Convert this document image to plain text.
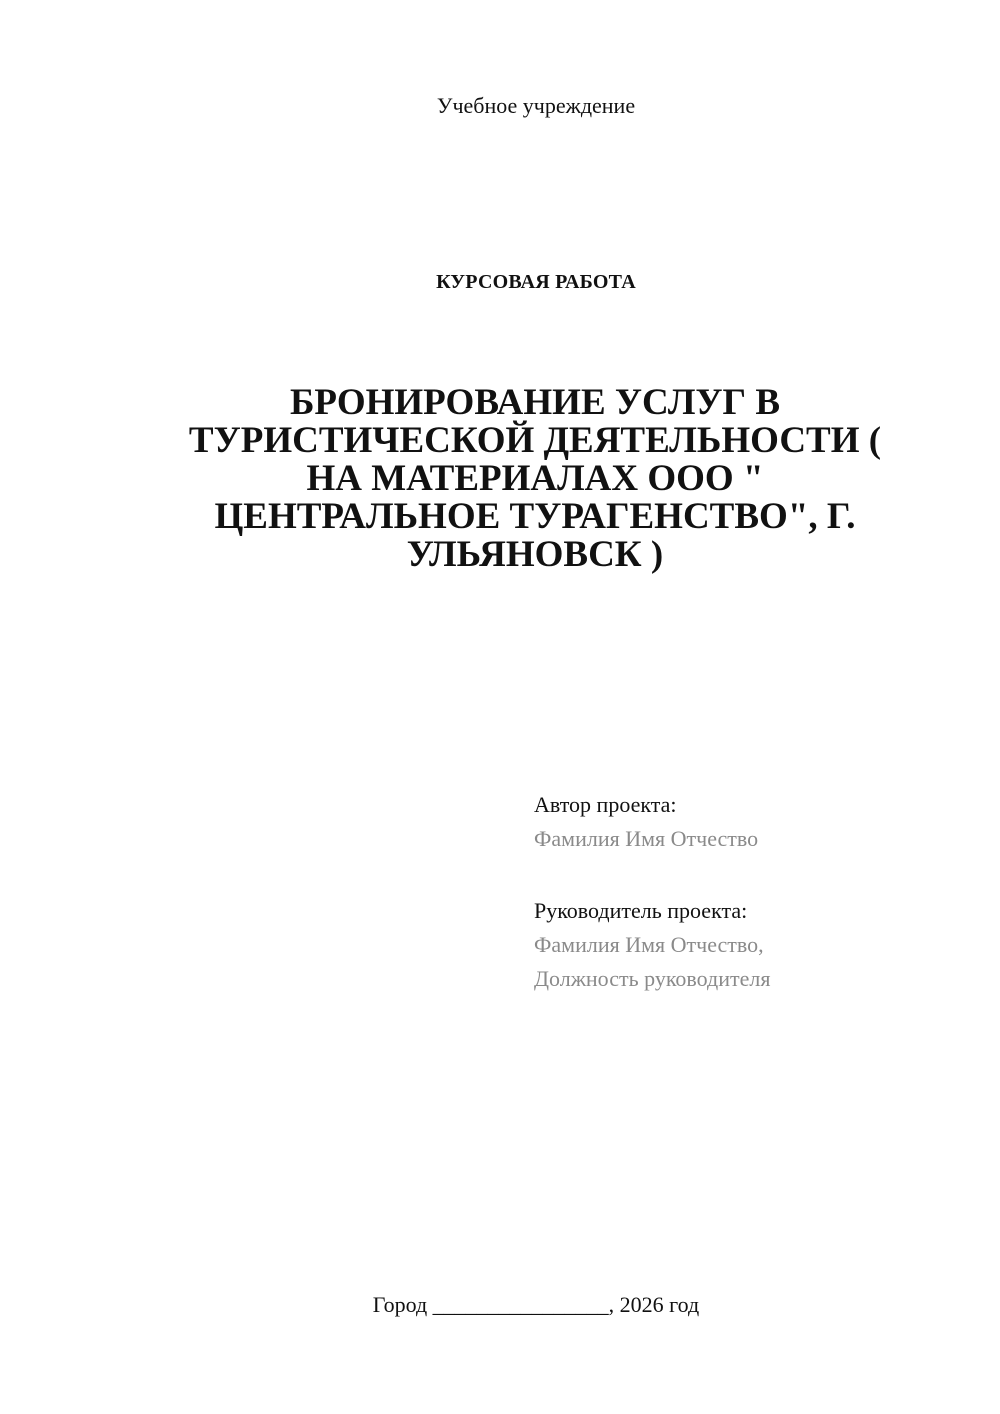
Учебное учреждение
КУРСОВАЯ РАБОТА
БРОНИРОВАНИЕ УСЛУГ В
ТУРИСТИЧЕСКОЙ ДЕЯТЕЛЬНОСТИ (
НА МАТЕРИАЛАХ ООО "
ЦЕНТРАЛЬНОЕ ТУРАГЕНСТВО", Г.
УЛЬЯНОВСК )
Автор проекта:
Фамилия Имя Отчество
Руководитель проекта:
Фамилия Имя Отчество,
Должность руководителя
Город ________________, 2026 год
